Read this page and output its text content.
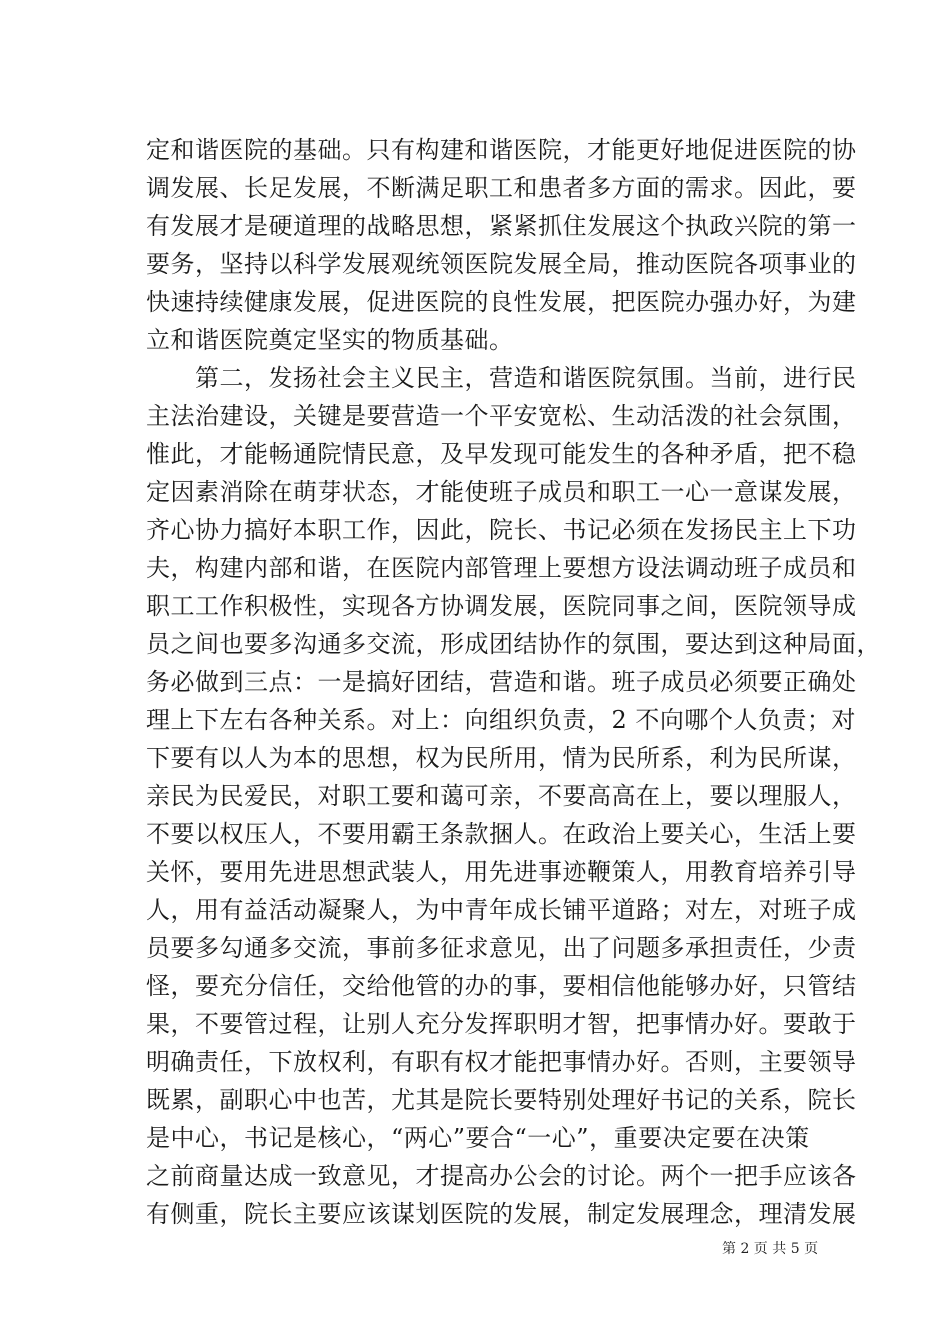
定和谐医院的基础。只有构建和谐医院，才能更好地促进医院的协
调发展、长足发展，不断满足职工和患者多方面的需求。因此，要
有发展才是硬道理的战略思想，紧紧抓住发展这个执政兴院的第一
要务，坚持以科学发展观统领医院发展全局，推动医院各项事业的
快速持续健康发展，促进医院的良性发展，把医院办强办好，为建
立和谐医院奠定坚实的物质基础。
　　第二，发扬社会主义民主，营造和谐医院氛围。当前，进行民
主法治建设，关键是要营造一个平安宽松、生动活泼的社会氛围，
惟此，才能畅通院情民意，及早发现可能发生的各种矛盾，把不稳
定因素消除在萌芽状态，才能使班子成员和职工一心一意谋发展，
齐心协力搞好本职工作，因此，院长、书记必须在发扬民主上下功
夫，构建内部和谐，在医院内部管理上要想方设法调动班子成员和
职工工作积极性，实现各方协调发展，医院同事之间，医院领导成
员之间也要多沟通多交流，形成团结协作的氛围，要达到这种局面，
务必做到三点：一是搞好团结，营造和谐。班子成员必须要正确处
理上下左右各种关系。对上：向组织负责，2 不向哪个人负责；对
下要有以人为本的思想，权为民所用，情为民所系，利为民所谋，
亲民为民爱民，对职工要和蔼可亲，不要高高在上，要以理服人，
不要以权压人，不要用霸王条款捆人。在政治上要关心，生活上要
关怀，要用先进思想武装人，用先进事迹鞭策人，用教育培养引导
人，用有益活动凝聚人，为中青年成长铺平道路；对左，对班子成
员要多勾通多交流，事前多征求意见，出了问题多承担责任，少责
怪，要充分信任，交给他管的办的事，要相信他能够办好，只管结
果，不要管过程，让别人充分发挥职明才智，把事情办好。要敢于
明确责任，下放权利，有职有权才能把事情办好。否则，主要领导
既累，副职心中也苦，尤其是院长要特别处理好书记的关系，院长
是中心，书记是核心，“两心”要合“一心”，重要决定要在决策
之前商量达成一致意见，才提高办公会的讨论。两个一把手应该各
有侧重，院长主要应该谋划医院的发展，制定发展理念，理清发展
第 2 页 共 5 页
